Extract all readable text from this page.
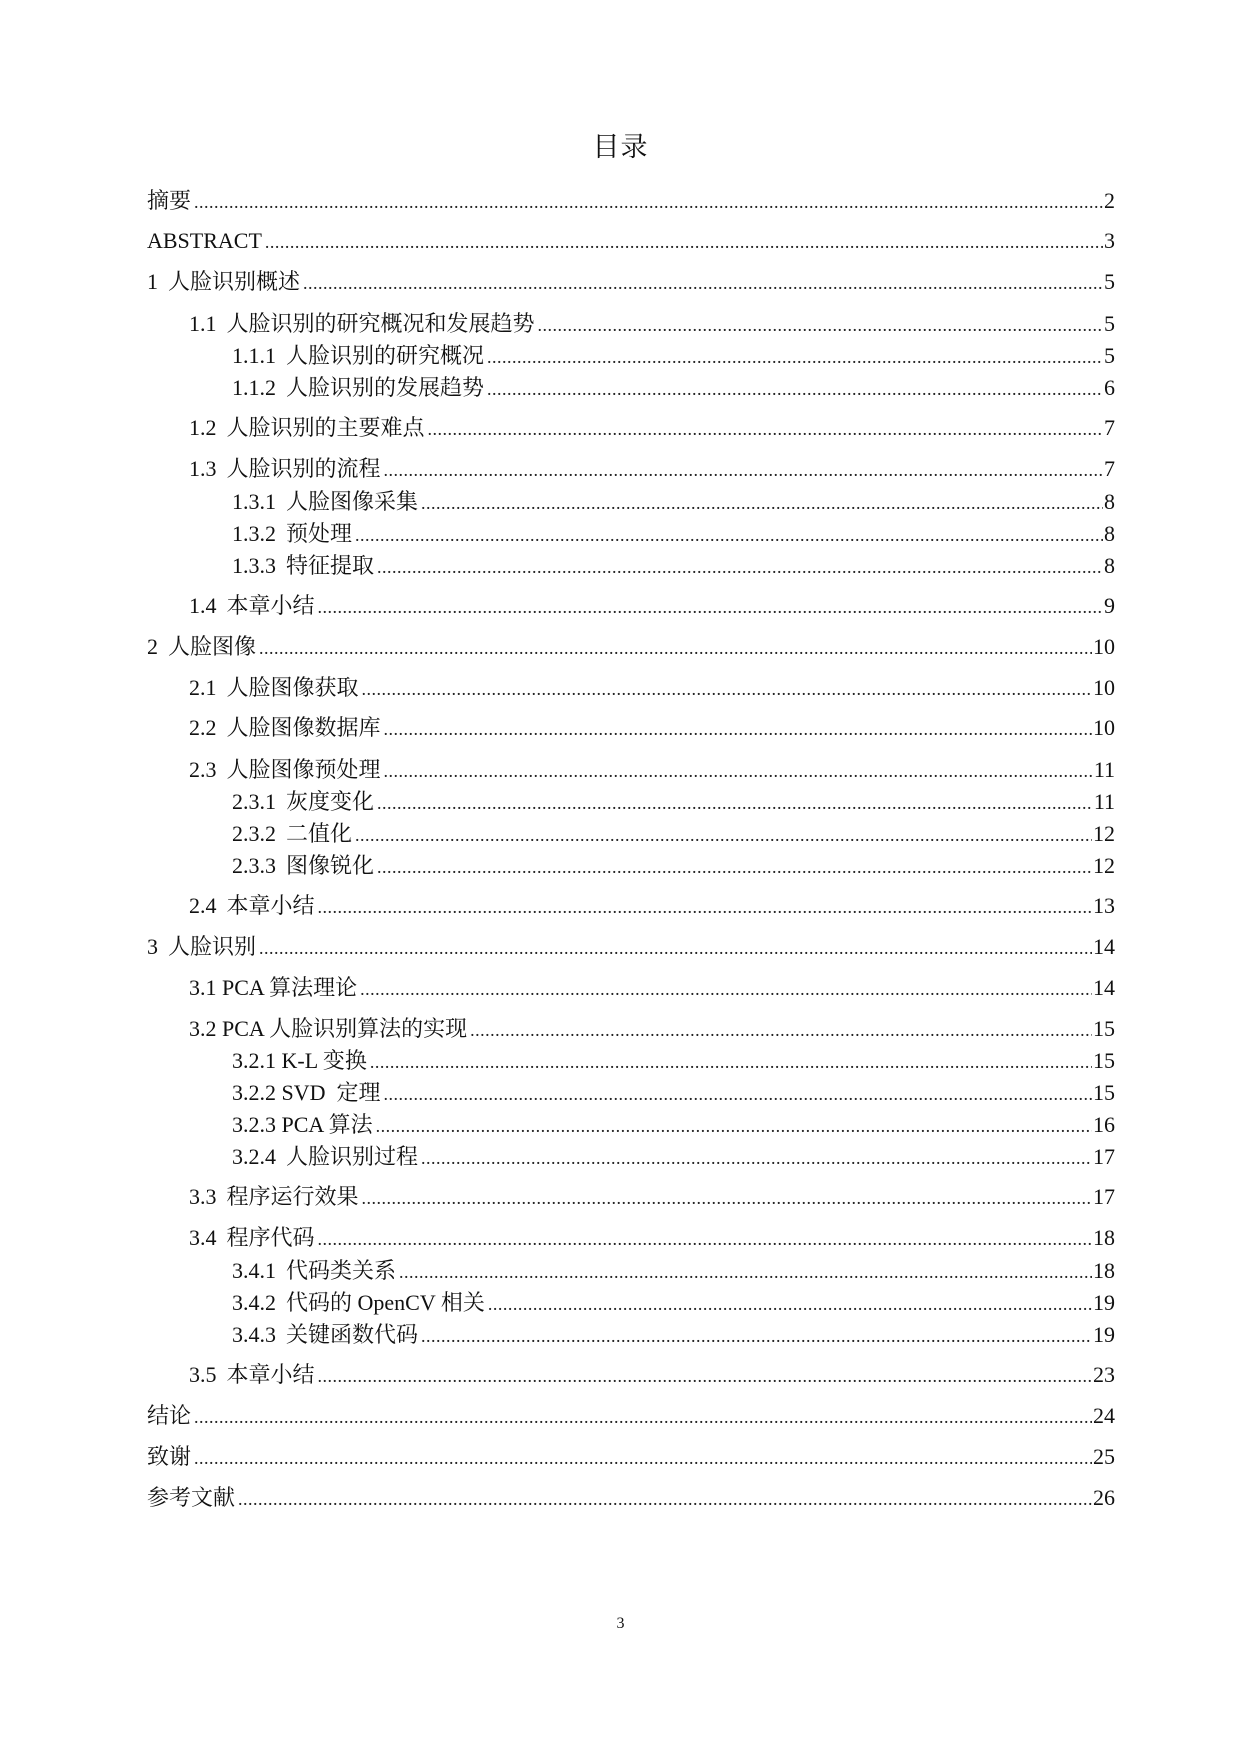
目录
摘要 .....	2
ABSTRACT .....	3
1 人脸识别概述 .....	5
1.1 人脸识别的研究概况和发展趋势 .....	5
1.1.1 人脸识别的研究概况 .....	5
1.1.2 人脸识别的发展趋势 .....	6
1.2 人脸识别的主要难点 .....	7
1.3 人脸识别的流程 .....	7
1.3.1 人脸图像采集 .....	8
1.3.2 预处理 .....	8
1.3.3 特征提取 .....	8
1.4 本章小结 .....	9
2 人脸图像 .....	10
2.1 人脸图像获取 .....	10
2.2 人脸图像数据库 .....	10
2.3 人脸图像预处理 .....	11
2.3.1 灰度变化 .....	11
2.3.2 二值化 .....	12
2.3.3 图像锐化 .....	12
2.4 本章小结 .....	13
3 人脸识别 .....	14
3.1 PCA 算法理论 .....	14
3.2 PCA 人脸识别算法的实现 .....	15
3.2.1 K-L 变换 .....	15
3.2.2 SVD  定理 .....	15
3.2.3 PCA 算法 .....	16
3.2.4 人脸识别过程 .....	17
3.3 程序运行效果 .....	17
3.4 程序代码 .....	18
3.4.1 代码类关系 .....	18
3.4.2 代码的 OpenCV 相关 .....	19
3.4.3 关键函数代码 .....	19
3.5 本章小结 .....	23
结论 .....	24
致谢 .....	25
参考文献 .....	26
3
